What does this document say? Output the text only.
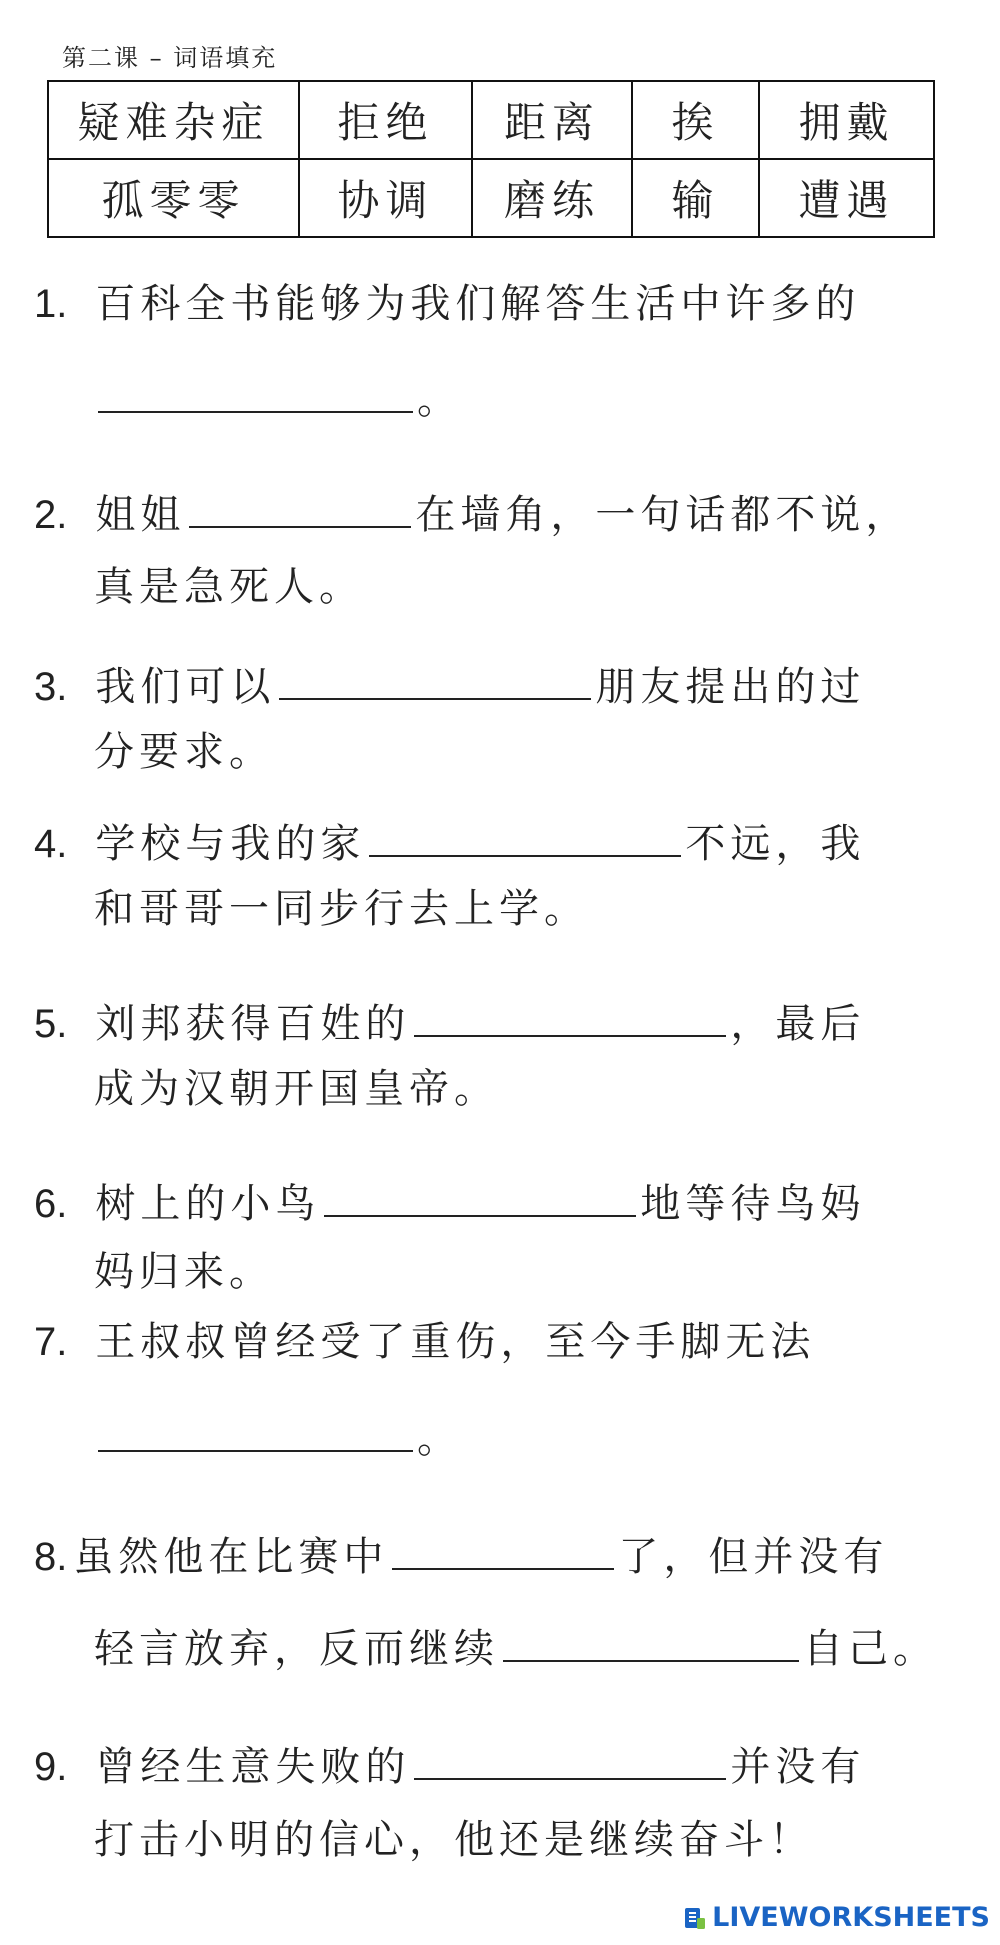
第二课 – 词语填充
疑难杂症	拒绝	距离	挨	拥戴
孤零零	协调	磨练	输	遭遇
1. 百科全书能够为我们解答生活中许多的
。
2. 姐姐	在墙角，一句话都不说，
真是急死人。
3. 我们可以	朋友提出的过
分要求。
4. 学校与我的家	不远，我
和哥哥一同步行去上学。
5. 刘邦获得百姓的	，最后
成为汉朝开国皇帝。
6. 树上的小鸟	地等待鸟妈
妈归来。
7. 王叔叔曾经受了重伤，至今手脚无法
。
8. 虽然他在比赛中	了，但并没有
轻言放弃，反而继续	自己。
9. 曾经生意失败的	并没有
打击小明的信心，他还是继续奋斗！
LIVEWORKSHEETS
